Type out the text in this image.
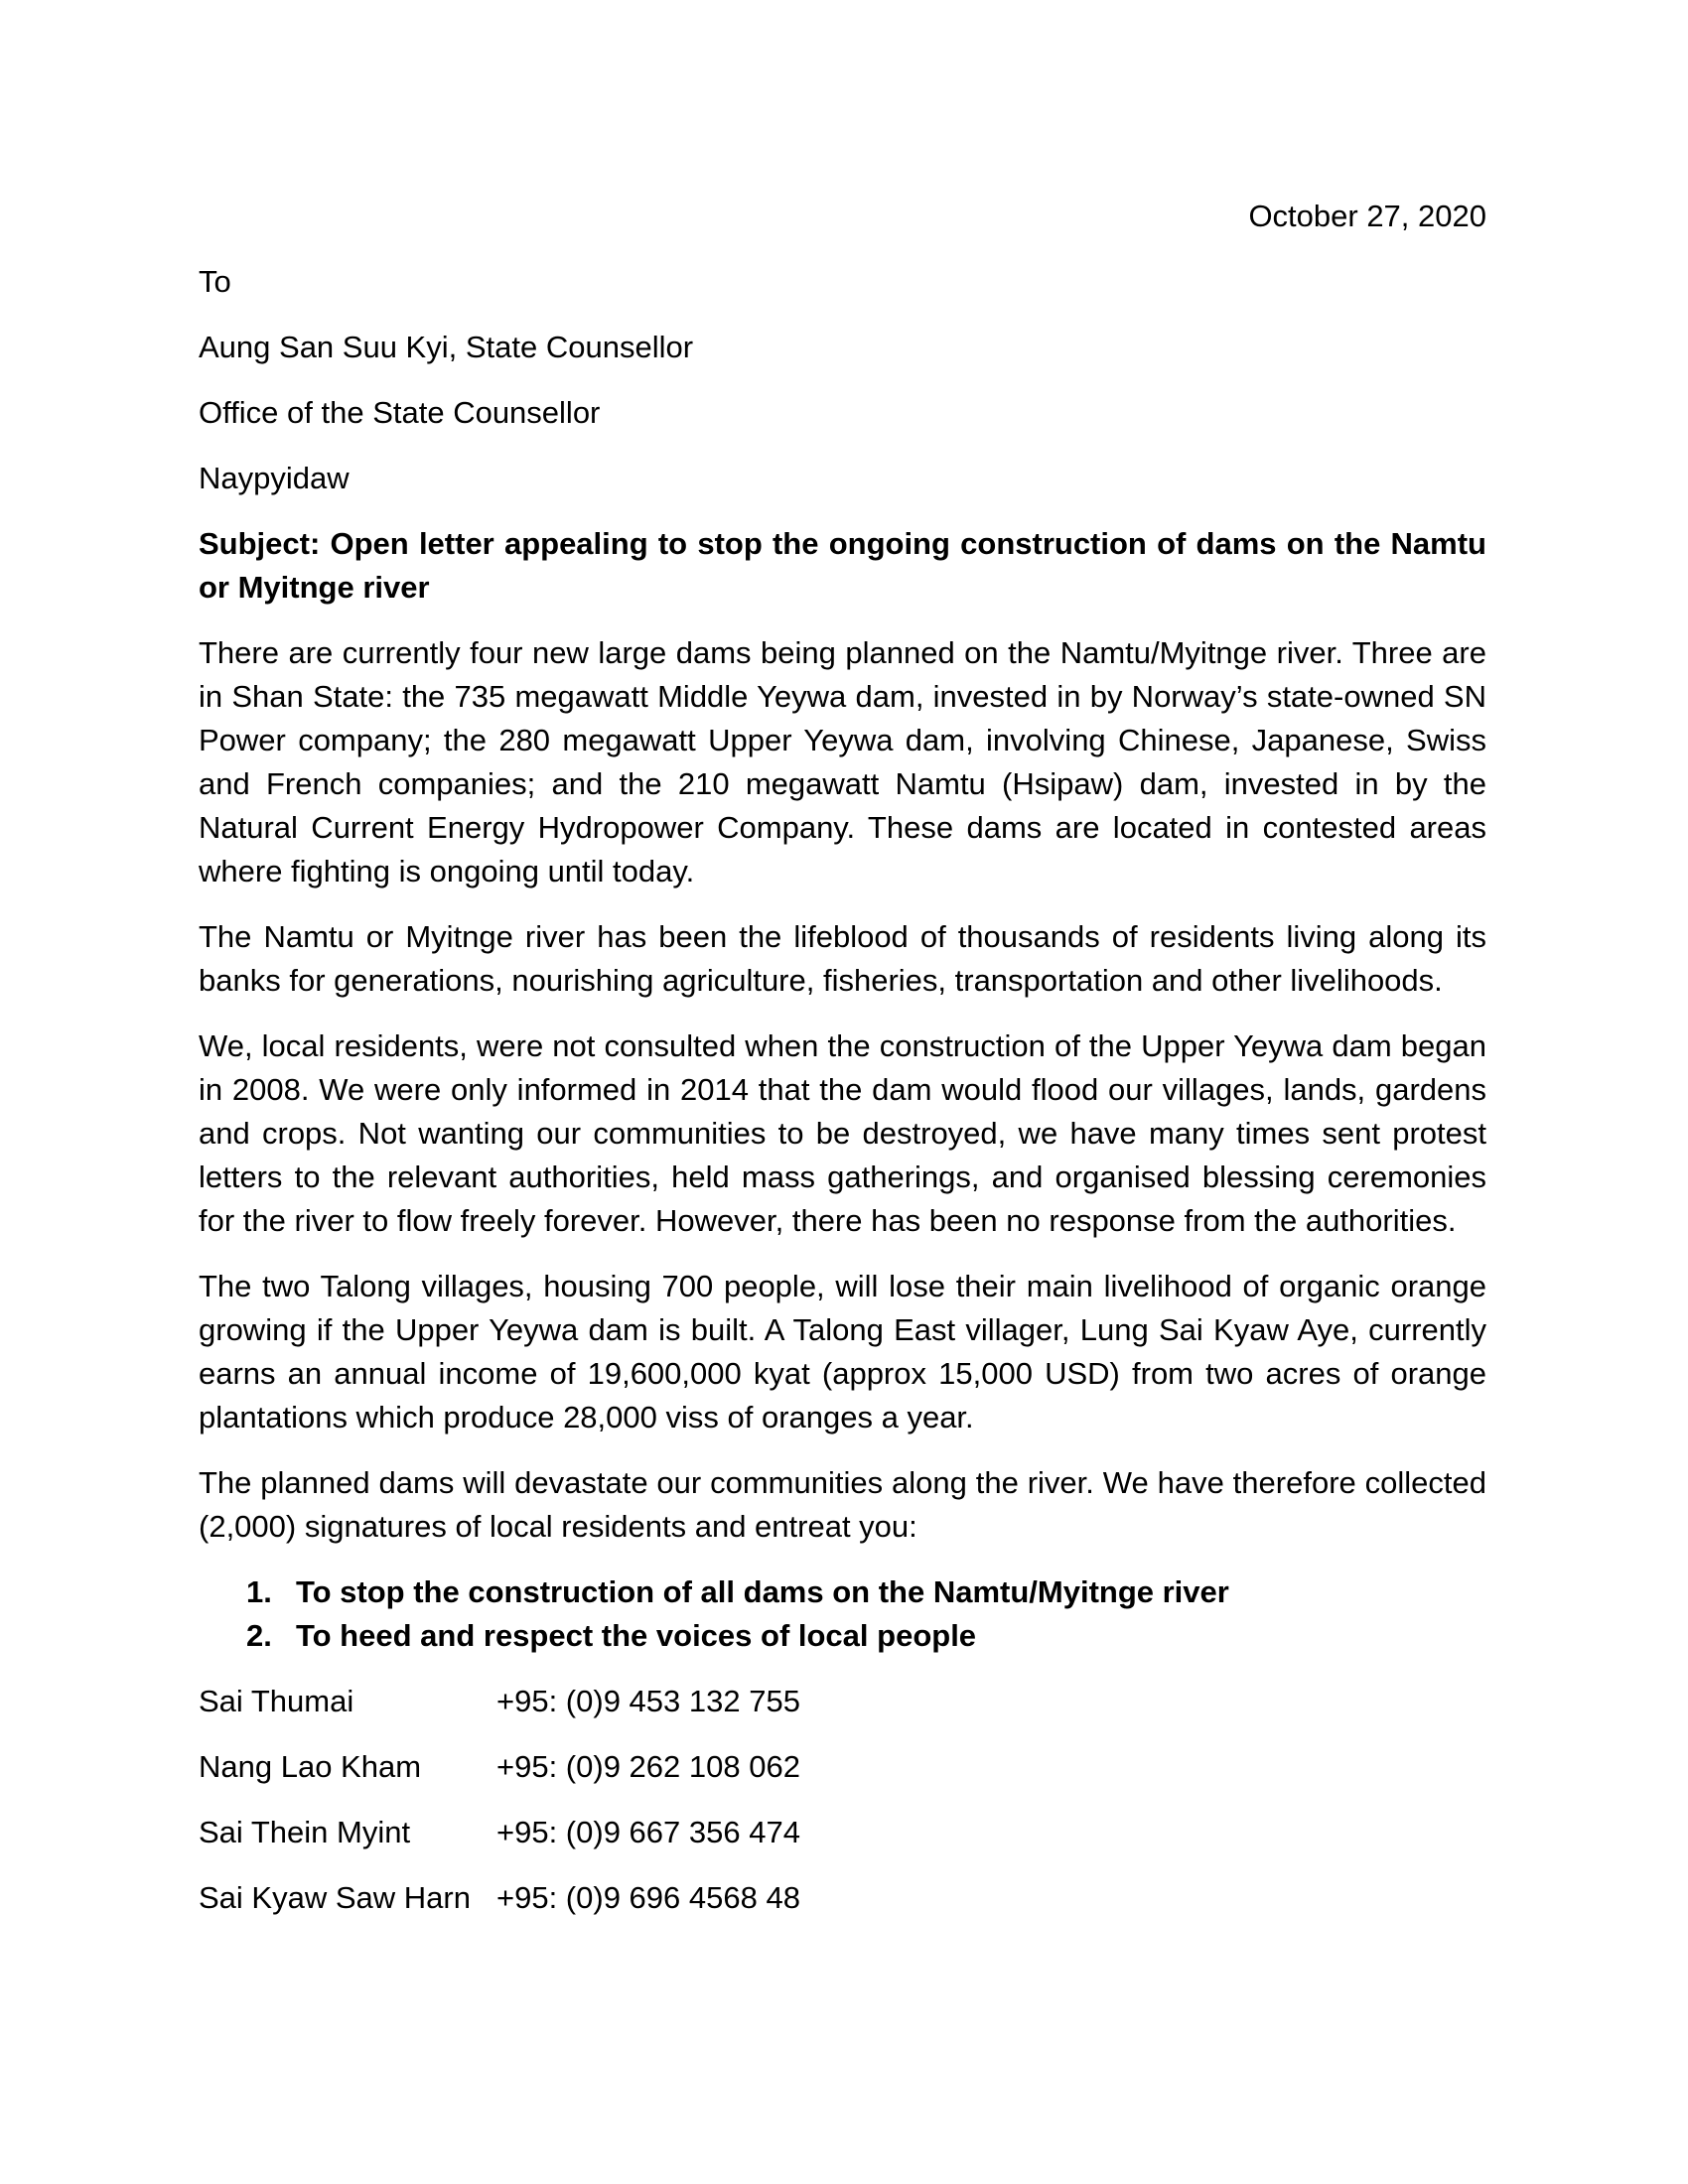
October 27, 2020
To
Aung San Suu Kyi, State Counsellor
Office of the State Counsellor
Naypyidaw
Subject: Open letter appealing to stop the ongoing construction of dams on the Namtu or Myitnge river

There are currently four new large dams being planned on the Namtu/Myitnge river. Three are in Shan State: the 735 megawatt Middle Yeywa dam, invested in by Norway’s state-owned SN Power company; the 280 megawatt Upper Yeywa dam, involving Chinese, Japanese, Swiss and French companies; and the 210 megawatt Namtu (Hsipaw) dam, invested in by the Natural Current Energy Hydropower Company. These dams are located in contested areas where fighting is ongoing until today.

The Namtu or Myitnge river has been the lifeblood of thousands of residents living along its banks for generations, nourishing agriculture, fisheries, transportation and other livelihoods.

We, local residents, were not consulted when the construction of the Upper Yeywa dam began in 2008. We were only informed in 2014 that the dam would flood our villages, lands, gardens and crops. Not wanting our communities to be destroyed, we have many times sent protest letters to the relevant authorities, held mass gatherings, and organised blessing ceremonies for the river to flow freely forever. However, there has been no response from the authorities.

The two Talong villages, housing 700 people, will lose their main livelihood of organic orange growing if the Upper Yeywa dam is built. A Talong East villager, Lung Sai Kyaw Aye, currently earns an annual income of 19,600,000 kyat (approx 15,000 USD) from two acres of orange plantations which produce 28,000 viss of oranges a year.

The planned dams will devastate our communities along the river. We have therefore collected (2,000) signatures of local residents and entreat you:

1. To stop the construction of all dams on the Namtu/Myitnge river
2. To heed and respect the voices of local people
Sai Thumai	+95: (0)9 453 132 755
Nang Lao Kham	+95: (0)9 262 108 062
Sai Thein Myint	+95: (0)9 667 356 474
Sai Kyaw Saw Harn +95: (0)9 696 4568 48
